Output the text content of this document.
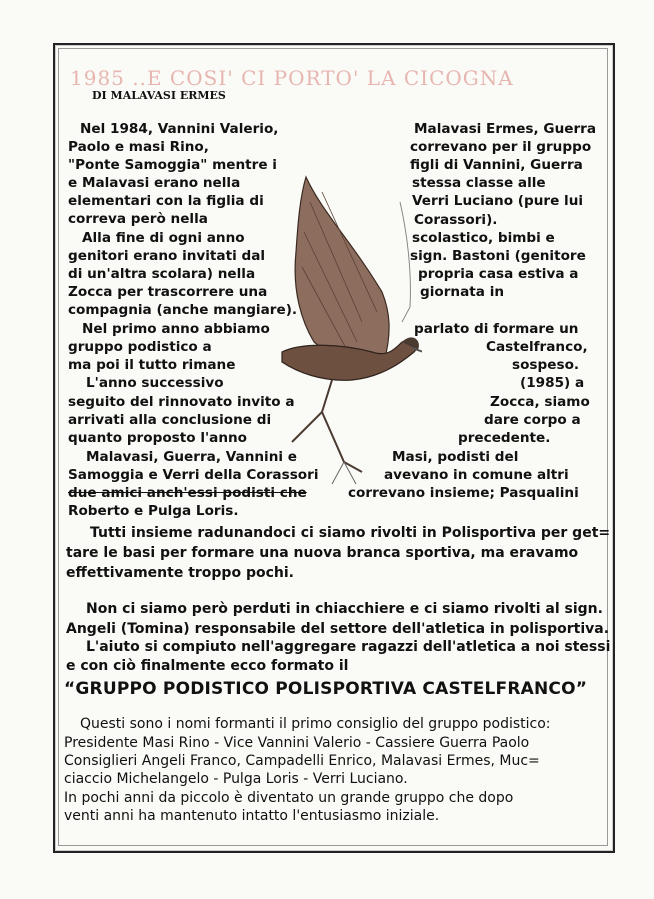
1985 ..E COSI' CI PORTO' LA CICOGNA
DI MALAVASI ERMES
Nel 1984, Vannini Valerio,
Paolo e masi Rino,
"Ponte Samoggia" mentre i
e Malavasi erano nella
elementari con la figlia di
correva però nella
Alla fine di ogni anno
genitori erano invitati dal
di un'altra scolara) nella
Zocca per trascorrere una
compagnia (anche mangiare).
Nel primo anno abbiamo
gruppo podistico a
ma poi il tutto rimane
L'anno successivo
seguito del rinnovato invito a
arrivati alla conclusione di
quanto proposto l'anno
Malavasi, Guerra, Vannini e
Samoggia e Verri della Corassori
due amici anch'essi podisti che
Roberto e Pulga Loris.
Malavasi Ermes, Guerra
correvano per il gruppo
figli di Vannini, Guerra
stessa classe alle
Verri Luciano (pure lui
Corassori).
scolastico, bimbi e
sign. Bastoni (genitore
propria casa estiva a
giornata in
parlato di formare un
Castelfranco,
sospeso.
(1985) a
Zocca, siamo
dare corpo a
precedente.
Masi, podisti del
avevano in comune altri
correvano insieme; Pasqualini
Tutti insieme radunandoci ci siamo rivolti in Polisportiva per get=
tare le basi per formare una nuova branca sportiva, ma eravamo
effettivamente troppo pochi.
Non ci siamo però perduti in chiacchiere e ci siamo rivolti al sign.
Angeli (Tomina) responsabile del settore dell'atletica in polisportiva.
L'aiuto si compiuto nell'aggregare ragazzi dell'atletica a noi stessi
e con ciò finalmente ecco formato il
“GRUPPO PODISTICO POLISPORTIVA CASTELFRANCO”
Questi sono i nomi formanti il primo consiglio del gruppo podistico:
Presidente Masi Rino - Vice Vannini Valerio - Cassiere Guerra Paolo
Consiglieri Angeli Franco, Campadelli Enrico, Malavasi Ermes, Muc=
ciaccio Michelangelo - Pulga Loris - Verri Luciano.
In pochi anni da piccolo è diventato un grande gruppo che dopo
venti anni ha mantenuto intatto l'entusiasmo iniziale.
